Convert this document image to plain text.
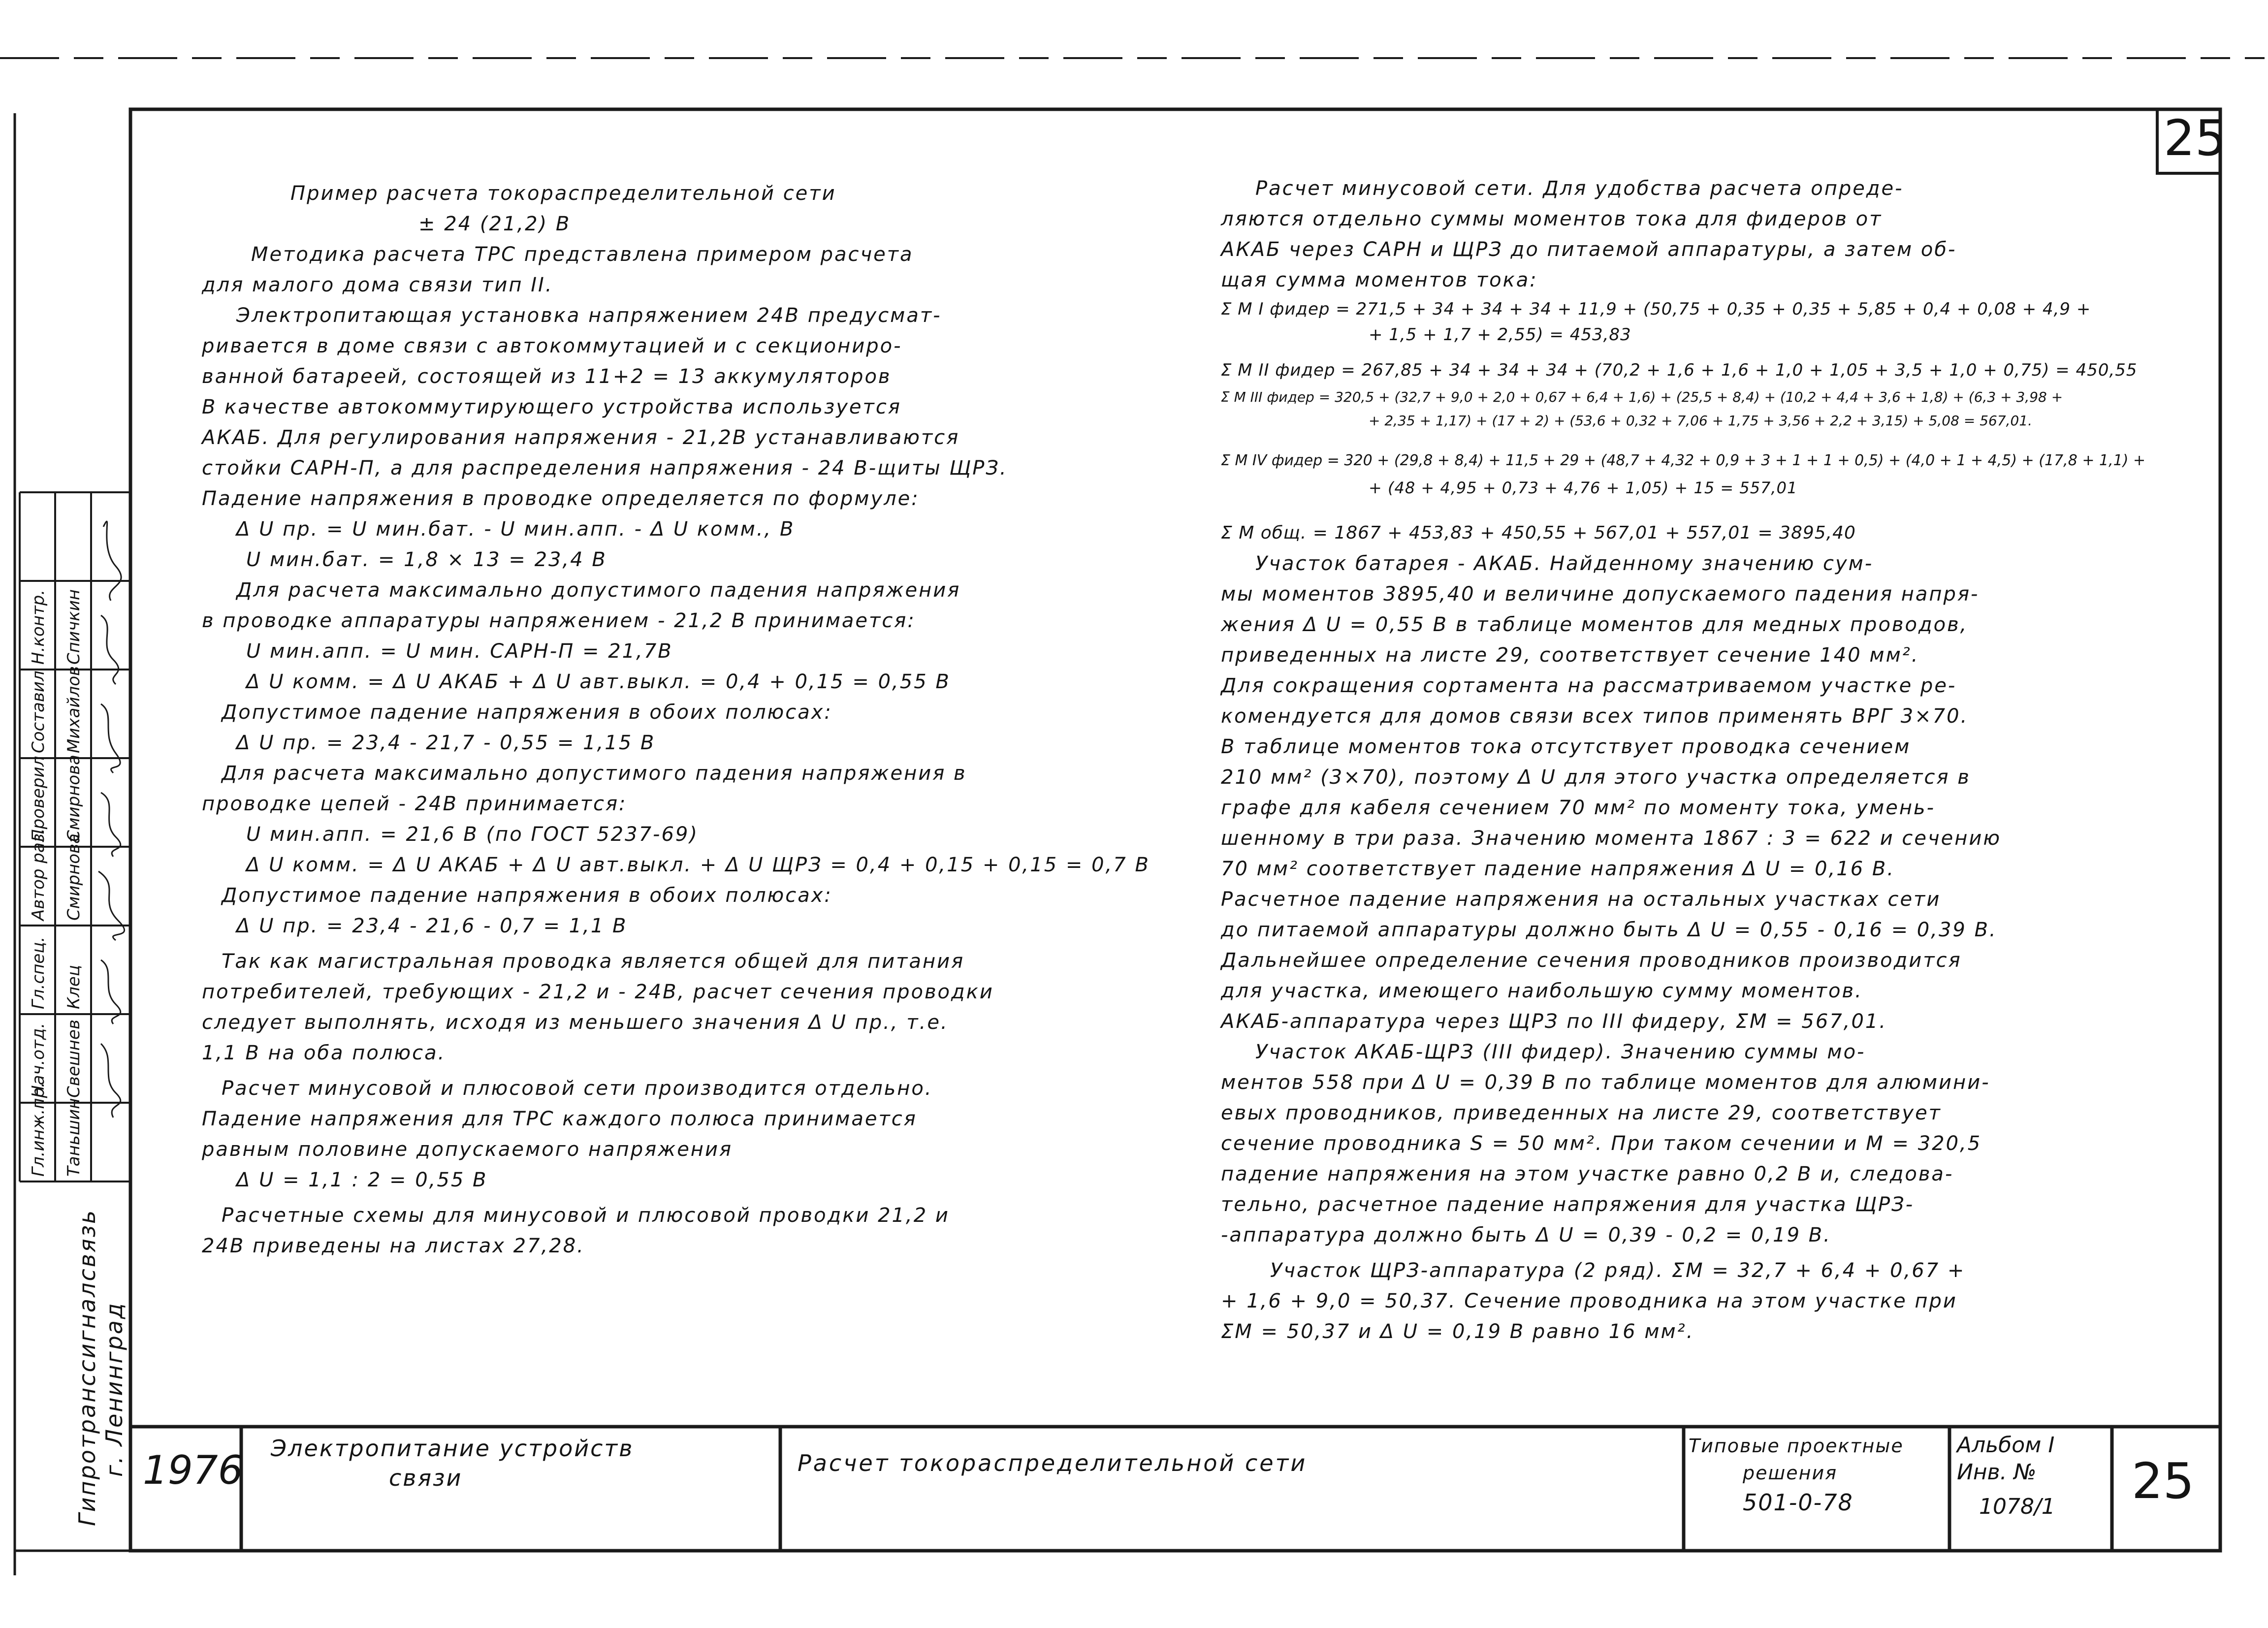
25
Пример расчета токораспределительной сети
± 24 (21,2) В
Методика расчета ТРС представлена примером расчета
для малого дома связи тип II.
Электропитающая установка напряжением 24В предусмат-
ривается в доме связи с автокоммутацией и с секциониро-
ванной батареей, состоящей из 11+2 = 13 аккумуляторов
В качестве автокоммутирующего устройства используется
АКАБ. Для регулирования напряжения - 21,2В устанавливаются
стойки САРН-П, а для распределения напряжения - 24 В-щиты ЩРЗ.
Падение напряжения в проводке определяется по формуле:
Δ U пр. = U мин.бат. - U мин.апп. - Δ U комм., В
U мин.бат. = 1,8 × 13 = 23,4 В
Для расчета максимально допустимого падения напряжения
в проводке аппаратуры напряжением - 21,2 В принимается:
U мин.апп. = U мин. САРН-П = 21,7В
Δ U комм. = Δ U АКАБ + Δ U авт.выкл. = 0,4 + 0,15 = 0,55 В
Допустимое падение напряжения в обоих полюсах:
Δ U пр. = 23,4 - 21,7 - 0,55 = 1,15 В
Для расчета максимально допустимого падения напряжения в
проводке цепей - 24В принимается:
U мин.апп. = 21,6 В (по ГОСТ 5237-69)
Δ U комм. = Δ U АКАБ + Δ U авт.выкл. + Δ U ЩРЗ = 0,4 + 0,15 + 0,15 = 0,7 В
Допустимое падение напряжения в обоих полюсах:
Δ U пр. = 23,4 - 21,6 - 0,7 = 1,1 В
Так как магистральная проводка является общей для питания
потребителей, требующих - 21,2 и - 24В, расчет сечения проводки
следует выполнять, исходя из меньшего значения Δ U пр., т.е.
1,1 В на оба полюса.
Расчет минусовой и плюсовой сети производится отдельно.
Падение напряжения для ТРС каждого полюса принимается
равным половине допускаемого напряжения
Δ U = 1,1 : 2 = 0,55 В
Расчетные схемы для минусовой и плюсовой проводки 21,2 и
24В приведены на листах 27,28.
Расчет минусовой сети. Для удобства расчета опреде-
ляются отдельно суммы моментов тока для фидеров от
АКАБ через САРН и ЩРЗ до питаемой аппаратуры, а затем об-
щая сумма моментов тока:
Σ M I фидер = 271,5 + 34 + 34 + 34 + 11,9 + (50,75 + 0,35 + 0,35 + 5,85 + 0,4 + 0,08 + 4,9 +
+ 1,5 + 1,7 + 2,55) = 453,83
Σ M II фидер = 267,85 + 34 + 34 + 34 + (70,2 + 1,6 + 1,6 + 1,0 + 1,05 + 3,5 + 1,0 + 0,75) = 450,55
Σ M III фидер = 320,5 + (32,7 + 9,0 + 2,0 + 0,67 + 6,4 + 1,6) + (25,5 + 8,4) + (10,2 + 4,4 + 3,6 + 1,8) + (6,3 + 3,98 +
+ 2,35 + 1,17) + (17 + 2) + (53,6 + 0,32 + 7,06 + 1,75 + 3,56 + 2,2 + 3,15) + 5,08 = 567,01.
Σ M IV фидер = 320 + (29,8 + 8,4) + 11,5 + 29 + (48,7 + 4,32 + 0,9 + 3 + 1 + 1 + 0,5) + (4,0 + 1 + 4,5) + (17,8 + 1,1) +
+ (48 + 4,95 + 0,73 + 4,76 + 1,05) + 15 = 557,01
Σ M общ. = 1867 + 453,83 + 450,55 + 567,01 + 557,01 = 3895,40
Участок батарея - АКАБ. Найденному значению сум-
мы моментов 3895,40 и величине допускаемого падения напря-
жения Δ U = 0,55 В в таблице моментов для медных проводов,
приведенных на листе 29, соответствует сечение 140 мм².
Для сокращения сортамента на рассматриваемом участке ре-
комендуется для домов связи всех типов применять ВРГ 3×70.
В таблице моментов тока отсутствует проводка сечением
210 мм² (3×70), поэтому Δ U для этого участка определяется в
графе для кабеля сечением 70 мм² по моменту тока, умень-
шенному в три раза. Значению момента 1867 : 3 = 622 и сечению
70 мм² соответствует падение напряжения Δ U = 0,16 В.
Расчетное падение напряжения на остальных участках сети
до питаемой аппаратуры должно быть Δ U = 0,55 - 0,16 = 0,39 В.
Дальнейшее определение сечения проводников производится
для участка, имеющего наибольшую сумму моментов.
АКАБ-аппаратура через ЩРЗ по III фидеру, ΣM = 567,01.
Участок АКАБ-ЩРЗ (III фидер). Значению суммы мо-
ментов 558 при Δ U = 0,39 В по таблице моментов для алюмини-
евых проводников, приведенных на листе 29, соответствует
сечение проводника S = 50 мм². При таком сечении и M = 320,5
падение напряжения на этом участке равно 0,2 В и, следова-
тельно, расчетное падение напряжения для участка ЩРЗ-
-аппаратура должно быть Δ U = 0,39 - 0,2 = 0,19 В.
Участок ЩРЗ-аппаратура (2 ряд). ΣM = 32,7 + 6,4 + 0,67 +
+ 1,6 + 9,0 = 50,37. Сечение проводника на этом участке при
ΣM = 50,37 и Δ U = 0,19 В равно 16 мм².
Гл.инж.пр. Таньшин
Нач.отд. Свешнев
Гл.спец. Клец
Автор раз. Смирнова
Проверил Смирнова
Составил Михайлов
Н.контр. Спичкин
Гипротранссигналсвязь г. Ленинград 1976 Электропитание устройств
связи
Расчет токораспределительной сети
Типовые проектные
решения
501-0-78
Альбом I
Инв. №
1078/1 25
